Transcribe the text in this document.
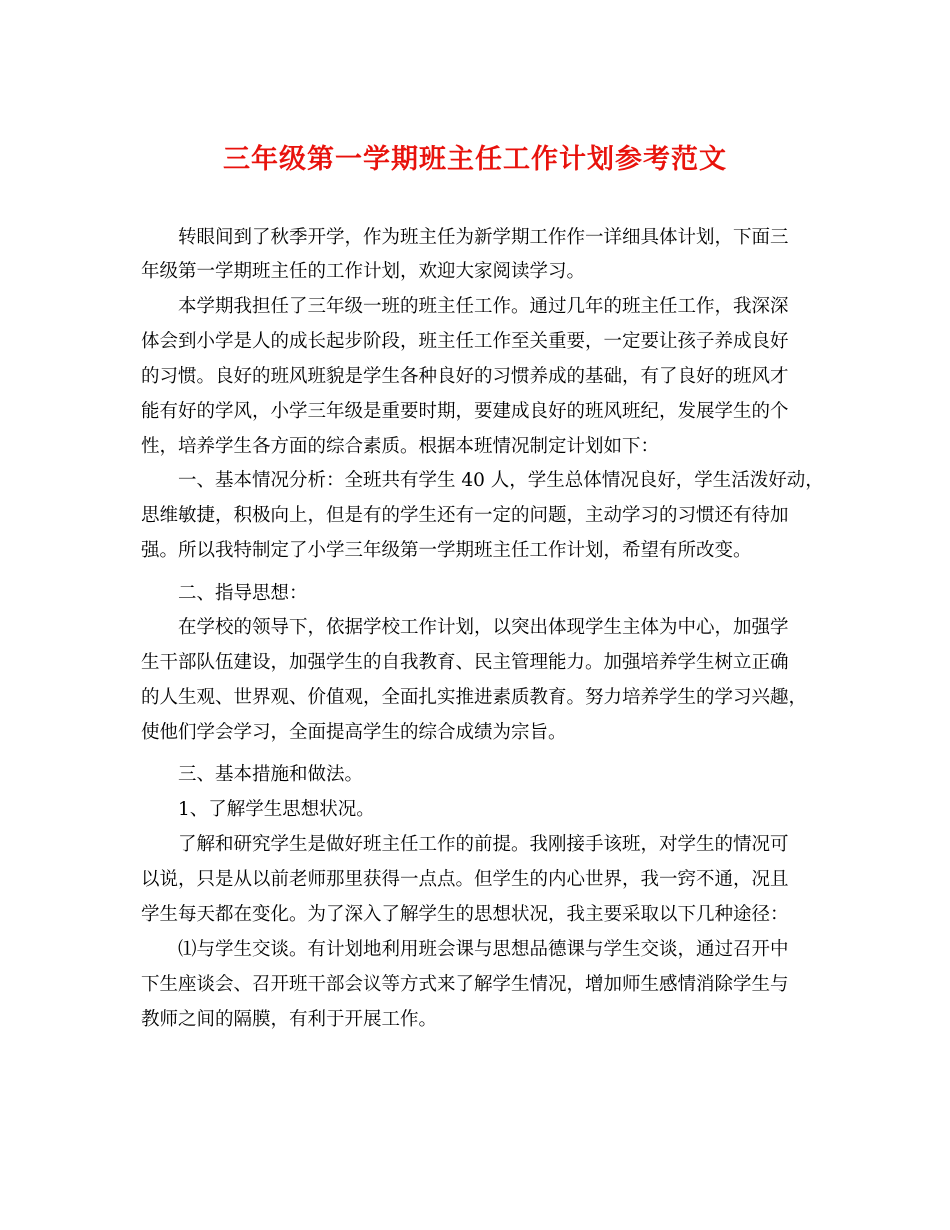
三年级第一学期班主任工作计划参考范文

转眼间到了秋季开学，作为班主任为新学期工作作一详细具体计划，下面三

年级第一学期班主任的工作计划，欢迎大家阅读学习。

本学期我担任了三年级一班的班主任工作。通过几年的班主任工作，我深深

体会到小学是人的成长起步阶段，班主任工作至关重要，一定要让孩子养成良好

的习惯。良好的班风班貌是学生各种良好的习惯养成的基础，有了良好的班风才

能有好的学风，小学三年级是重要时期，要建成良好的班风班纪，发展学生的个

性，培养学生各方面的综合素质。根据本班情况制定计划如下：

一、基本情况分析：全班共有学生 40 人，学生总体情况良好，学生活泼好动，

思维敏捷，积极向上，但是有的学生还有一定的问题，主动学习的习惯还有待加

强。所以我特制定了小学三年级第一学期班主任工作计划，希望有所改变。

二、指导思想：

在学校的领导下，依据学校工作计划，以突出体现学生主体为中心，加强学

生干部队伍建设，加强学生的自我教育、民主管理能力。加强培养学生树立正确

的人生观、世界观、价值观，全面扎实推进素质教育。努力培养学生的学习兴趣，

使他们学会学习，全面提高学生的综合成绩为宗旨。

三、基本措施和做法。

1、了解学生思想状况。

了解和研究学生是做好班主任工作的前提。我刚接手该班，对学生的情况可

以说，只是从以前老师那里获得一点点。但学生的内心世界，我一窍不通，况且

学生每天都在变化。为了深入了解学生的思想状况，我主要采取以下几种途径：

⑴与学生交谈。有计划地利用班会课与思想品德课与学生交谈，通过召开中

下生座谈会、召开班干部会议等方式来了解学生情况，增加师生感情消除学生与

教师之间的隔膜，有利于开展工作。
